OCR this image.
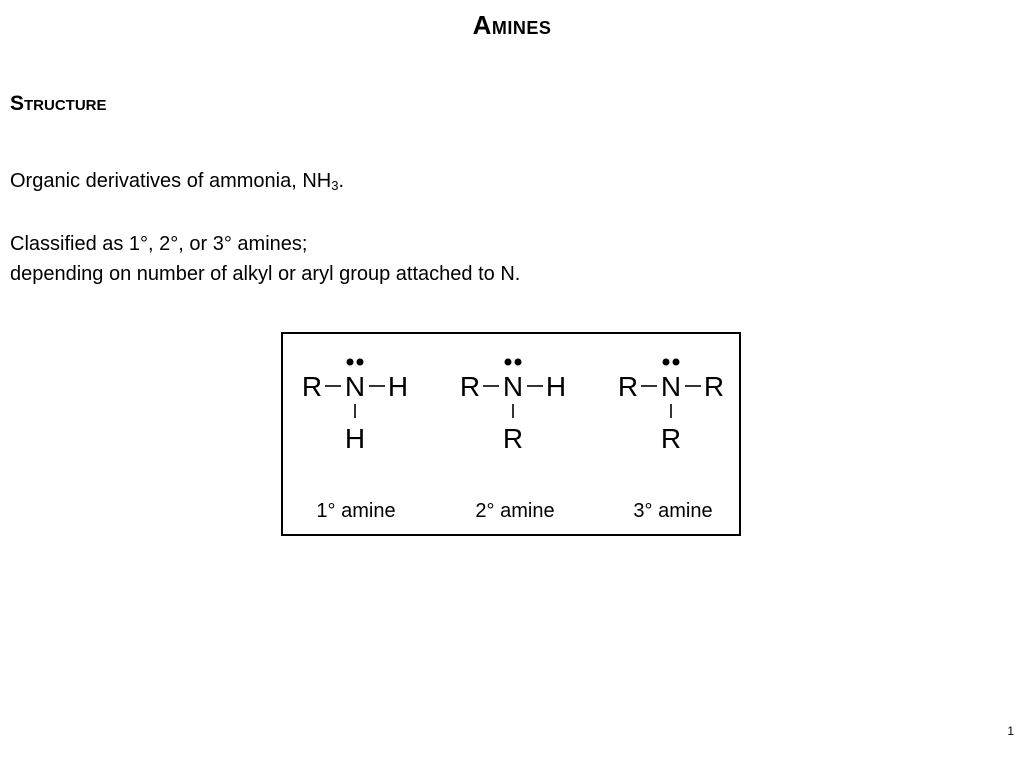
Amines
Structure
Organic derivatives of ammonia, $NH_3$.
Classified as 1°, 2°, or 3° amines;
depending on number of alkyl or aryl group attached to N.
R N H
H
1° amine
R N H
R
2° amine
R N R
R
3° amine
1
